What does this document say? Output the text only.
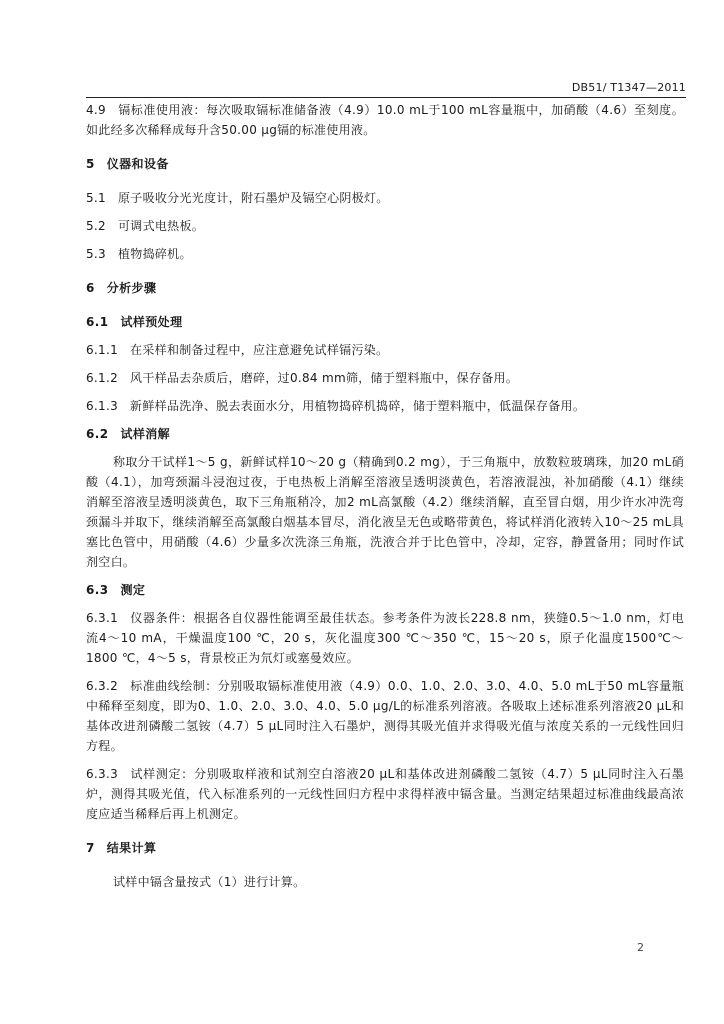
DB51/ T1347—2011

4.9 镉标准使用液：每次吸取镉标准储备液（4.9）10.0 mL于100 mL容量瓶中，加硝酸（4.6）至刻度。如此经多次稀释成每升含50.00 μg镉的标准使用液。

5 仪器和设备

5.1 原子吸收分光光度计，附石墨炉及镉空心阴极灯。

5.2 可调式电热板。

5.3 植物捣碎机。

6 分析步骤

6.1 试样预处理

6.1.1 在采样和制备过程中，应注意避免试样镉污染。

6.1.2 风干样品去杂质后，磨碎，过0.84 mm筛，储于塑料瓶中，保存备用。

6.1.3 新鲜样品洗净、脱去表面水分，用植物捣碎机捣碎，储于塑料瓶中，低温保存备用。

6.2 试样消解

称取分干试样1～5 g，新鲜试样10～20 g（精确到0.2 mg），于三角瓶中，放数粒玻璃珠，加20 mL硝酸（4.1），加弯颈漏斗浸泡过夜，于电热板上消解至溶液呈透明淡黄色，若溶液混浊，补加硝酸（4.1）继续消解至溶液呈透明淡黄色，取下三角瓶稍冷，加2 mL高氯酸（4.2）继续消解，直至冒白烟，用少许水冲洗弯颈漏斗并取下，继续消解至高氯酸白烟基本冒尽，消化液呈无色或略带黄色，将试样消化液转入10～25 mL具塞比色管中，用硝酸（4.6）少量多次洗涤三角瓶，洗液合并于比色管中，冷却，定容，静置备用；同时作试剂空白。

6.3 测定

6.3.1 仪器条件：根据各自仪器性能调至最佳状态。参考条件为波长228.8 nm，狭缝0.5～1.0 nm，灯电流4～10 mA，干燥温度100 ℃，20 s，灰化温度300 ℃～350 ℃，15～20 s，原子化温度1500℃～1800 ℃，4～5 s，背景校正为氘灯或塞曼效应。

6.3.2 标准曲线绘制：分别吸取镉标准使用液（4.9）0.0、1.0、2.0、3.0、4.0、5.0 mL于50 mL容量瓶中稀释至刻度，即为0、1.0、2.0、3.0、4.0、5.0 μg/L的标准系列溶液。各吸取上述标准系列溶液20 μL和基体改进剂磷酸二氢铵（4.7）5 μL同时注入石墨炉，测得其吸光值并求得吸光值与浓度关系的一元线性回归方程。

6.3.3 试样测定：分别吸取样液和试剂空白溶液20 μL和基体改进剂磷酸二氢铵（4.7）5 μL同时注入石墨炉，测得其吸光值，代入标准系列的一元线性回归方程中求得样液中镉含量。当测定结果超过标准曲线最高浓度应适当稀释后再上机测定。

7 结果计算

试样中镉含量按式（1）进行计算。

2
